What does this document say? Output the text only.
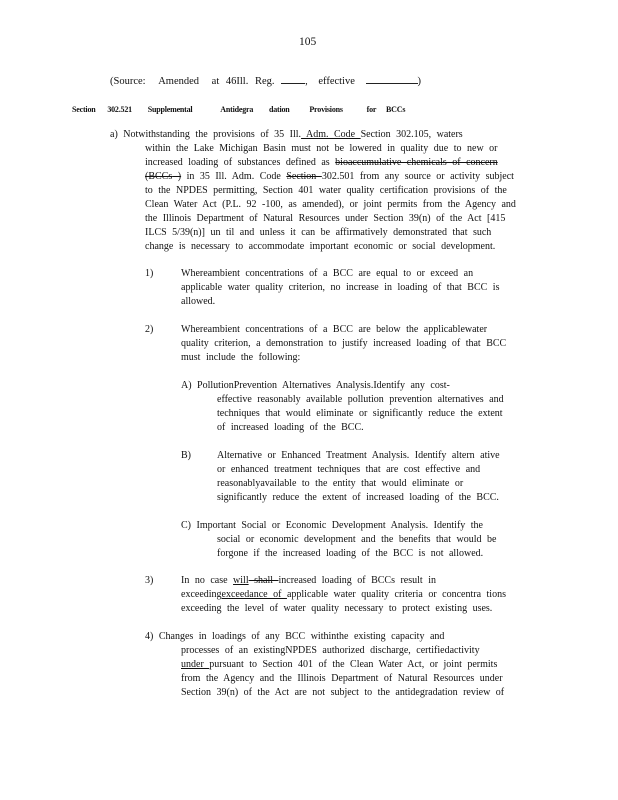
105
(Source: Amended at 46Ill. Reg.	, effective	)
Section 302.521 Supplemental	Antidegra dation Provisions	for BCCs
a) Notwithstanding the provisions of 35 Ill. Adm. Code Section 302.105, waters
within the Lake Michigan Basin must not be lowered in quality due to new or
increased loading of substances defined as bioaccumulative chemicals of concern
(BCCs ) in 35 Ill. Adm. Code Section 302.501 from any source or activity subject
to the NPDES permitting, Section 401 water quality certification provisions of the
Clean Water Act (P.L. 92 -100, as amended), or joint permits from the Agency and
the Illinois Department of Natural Resources under Section 39(n) of the Act [415
ILCS 5/39(n)] un til and unless it can be affirmatively demonstrated that such
change is necessary to accommodate important economic or social development.
1)	Whereambient concentrations of a BCC are equal to or exceed an
applicable water quality criterion, no increase in loading of that BCC is
allowed.
2)	Whereambient concentrations of a BCC are below the applicablewater
quality criterion, a demonstration to justify increased loading of that BCC
must include the following:
A) PollutionPrevention Alternatives Analysis.Identify any cost-
effective reasonably available pollution prevention alternatives and
techniques that would eliminate or significantly reduce the extent
of increased loading of the BCC.
B)	Alternative or Enhanced Treatment Analysis. Identify altern ative
or enhanced treatment techniques that are cost effective and
reasonablyavailable to the entity that would eliminate or
significantly reduce the extent of increased loading of the BCC.
C) Important Social or Economic Development Analysis. Identify the
social or economic development and the benefits that would be
forgone if the increased loading of the BCC is not allowed.
3)	In no case will shall increased loading of BCCs result in
exceedingexceedance of applicable water quality criteria or concentra tions
exceeding the level of water quality necessary to protect existing uses.
4) Changes in loadings of any BCC withinthe existing capacity and
processes of an existingNPDES authorized discharge, certifiedactivity
under pursuant to Section 401 of the Clean Water Act, or joint permits
from the Agency and the Illinois Department of Natural Resources under
Section 39(n) of the Act are not subject to the antidegradation review of
